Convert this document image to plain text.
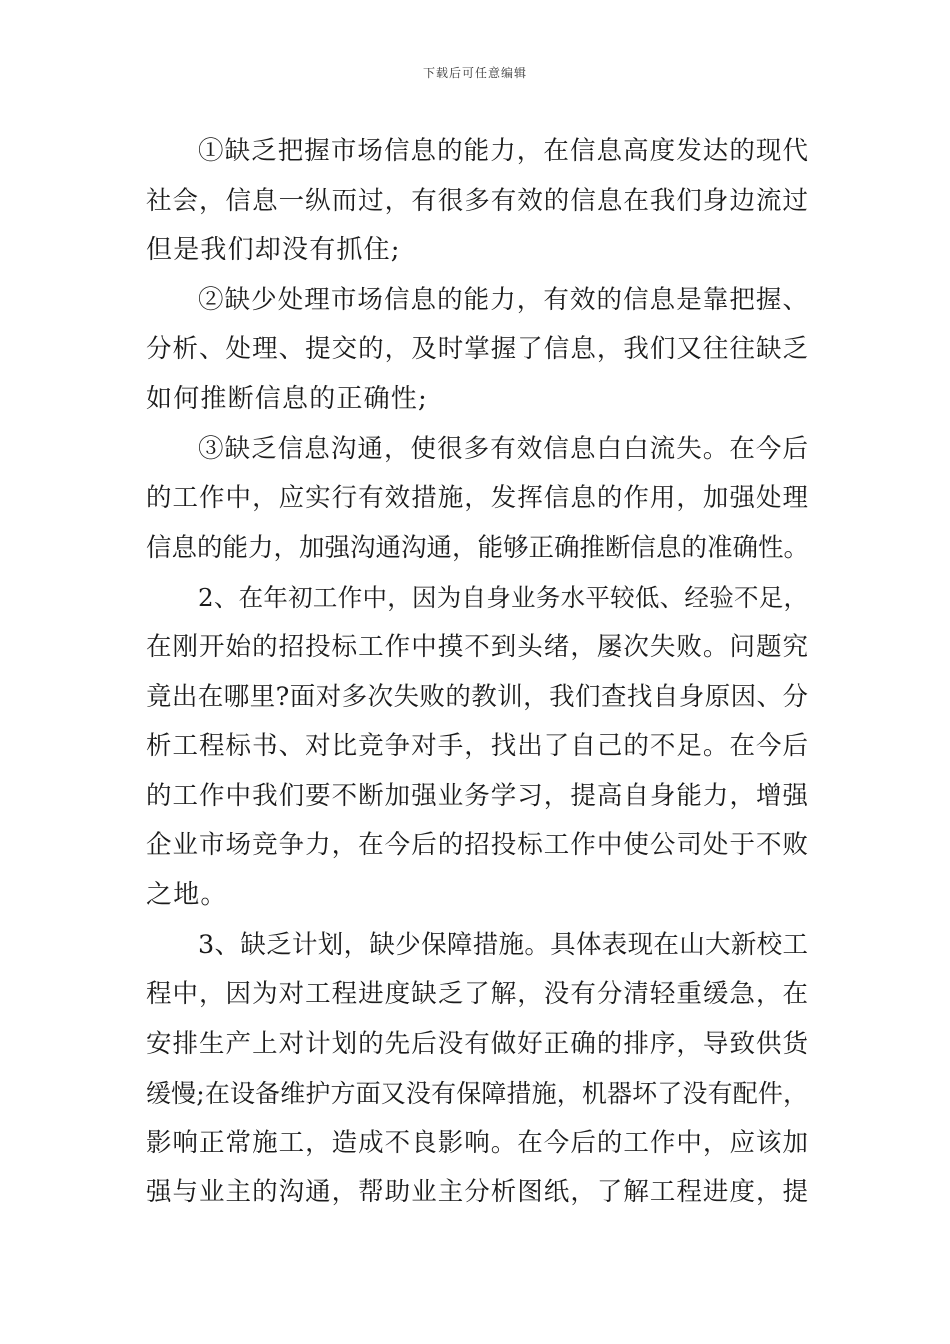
下载后可任意编辑
①缺乏把握市场信息的能力，在信息高度发达的现代
社会，信息一纵而过，有很多有效的信息在我们身边流过
但是我们却没有抓住;
②缺少处理市场信息的能力，有效的信息是靠把握、
分析、处理、提交的，及时掌握了信息，我们又往往缺乏
如何推断信息的正确性;
③缺乏信息沟通，使很多有效信息白白流失。在今后
的工作中，应实行有效措施，发挥信息的作用，加强处理
信息的能力，加强沟通沟通，能够正确推断信息的准确性。
2、在年初工作中，因为自身业务水平较低、经验不足，
在刚开始的招投标工作中摸不到头绪，屡次失败。问题究
竟出在哪里?面对多次失败的教训，我们查找自身原因、分
析工程标书、对比竞争对手，找出了自己的不足。在今后
的工作中我们要不断加强业务学习，提高自身能力，增强
企业市场竞争力，在今后的招投标工作中使公司处于不败
之地。
3、缺乏计划，缺少保障措施。具体表现在山大新校工
程中，因为对工程进度缺乏了解，没有分清轻重缓急，在
安排生产上对计划的先后没有做好正确的排序，导致供货
缓慢;在设备维护方面又没有保障措施，机器坏了没有配件，
影响正常施工，造成不良影响。在今后的工作中，应该加
强与业主的沟通，帮助业主分析图纸，了解工程进度，提
